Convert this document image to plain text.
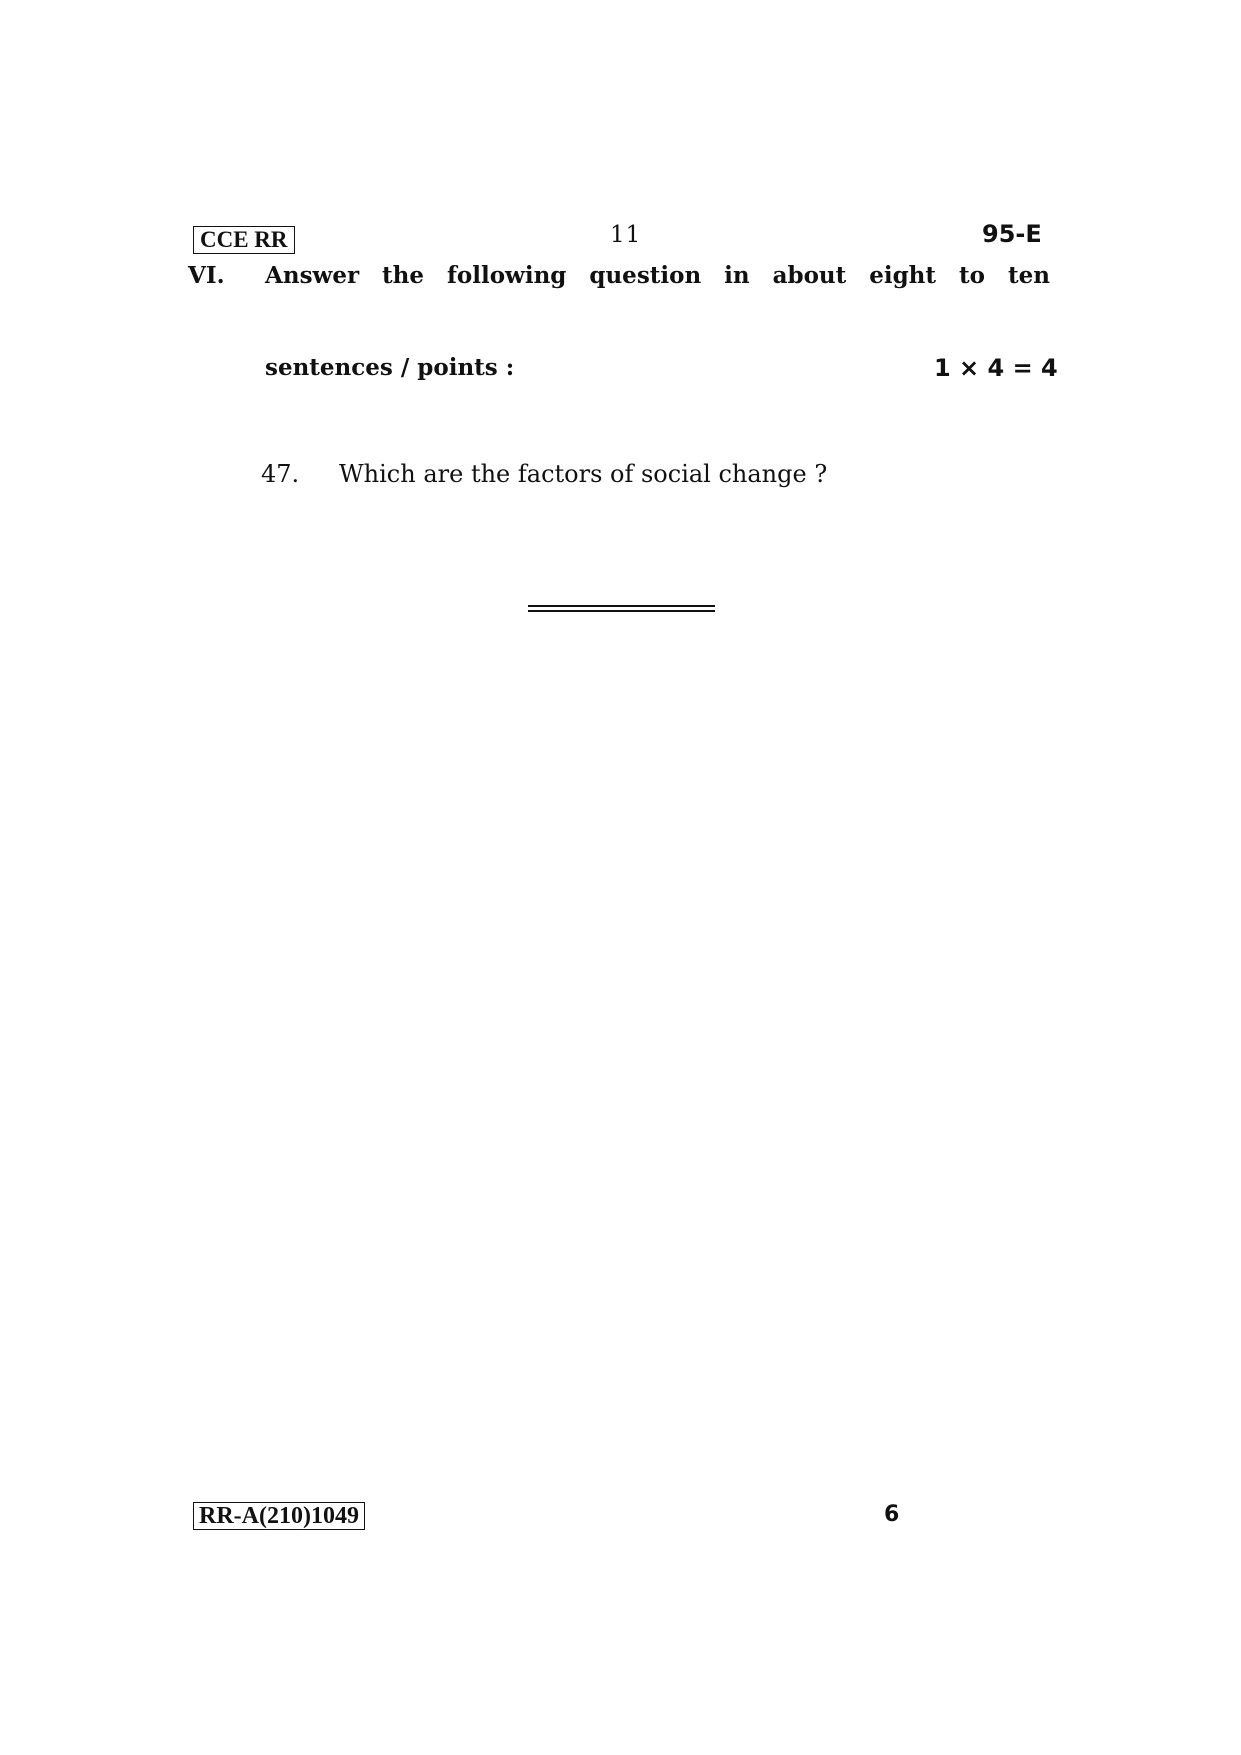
CCE RR	11	95-E
VI. Answer the following question in about eight to ten
sentences / points :	1 × 4 = 4
47. Which are the factors of social change ?
RR-A(210)1049	6
